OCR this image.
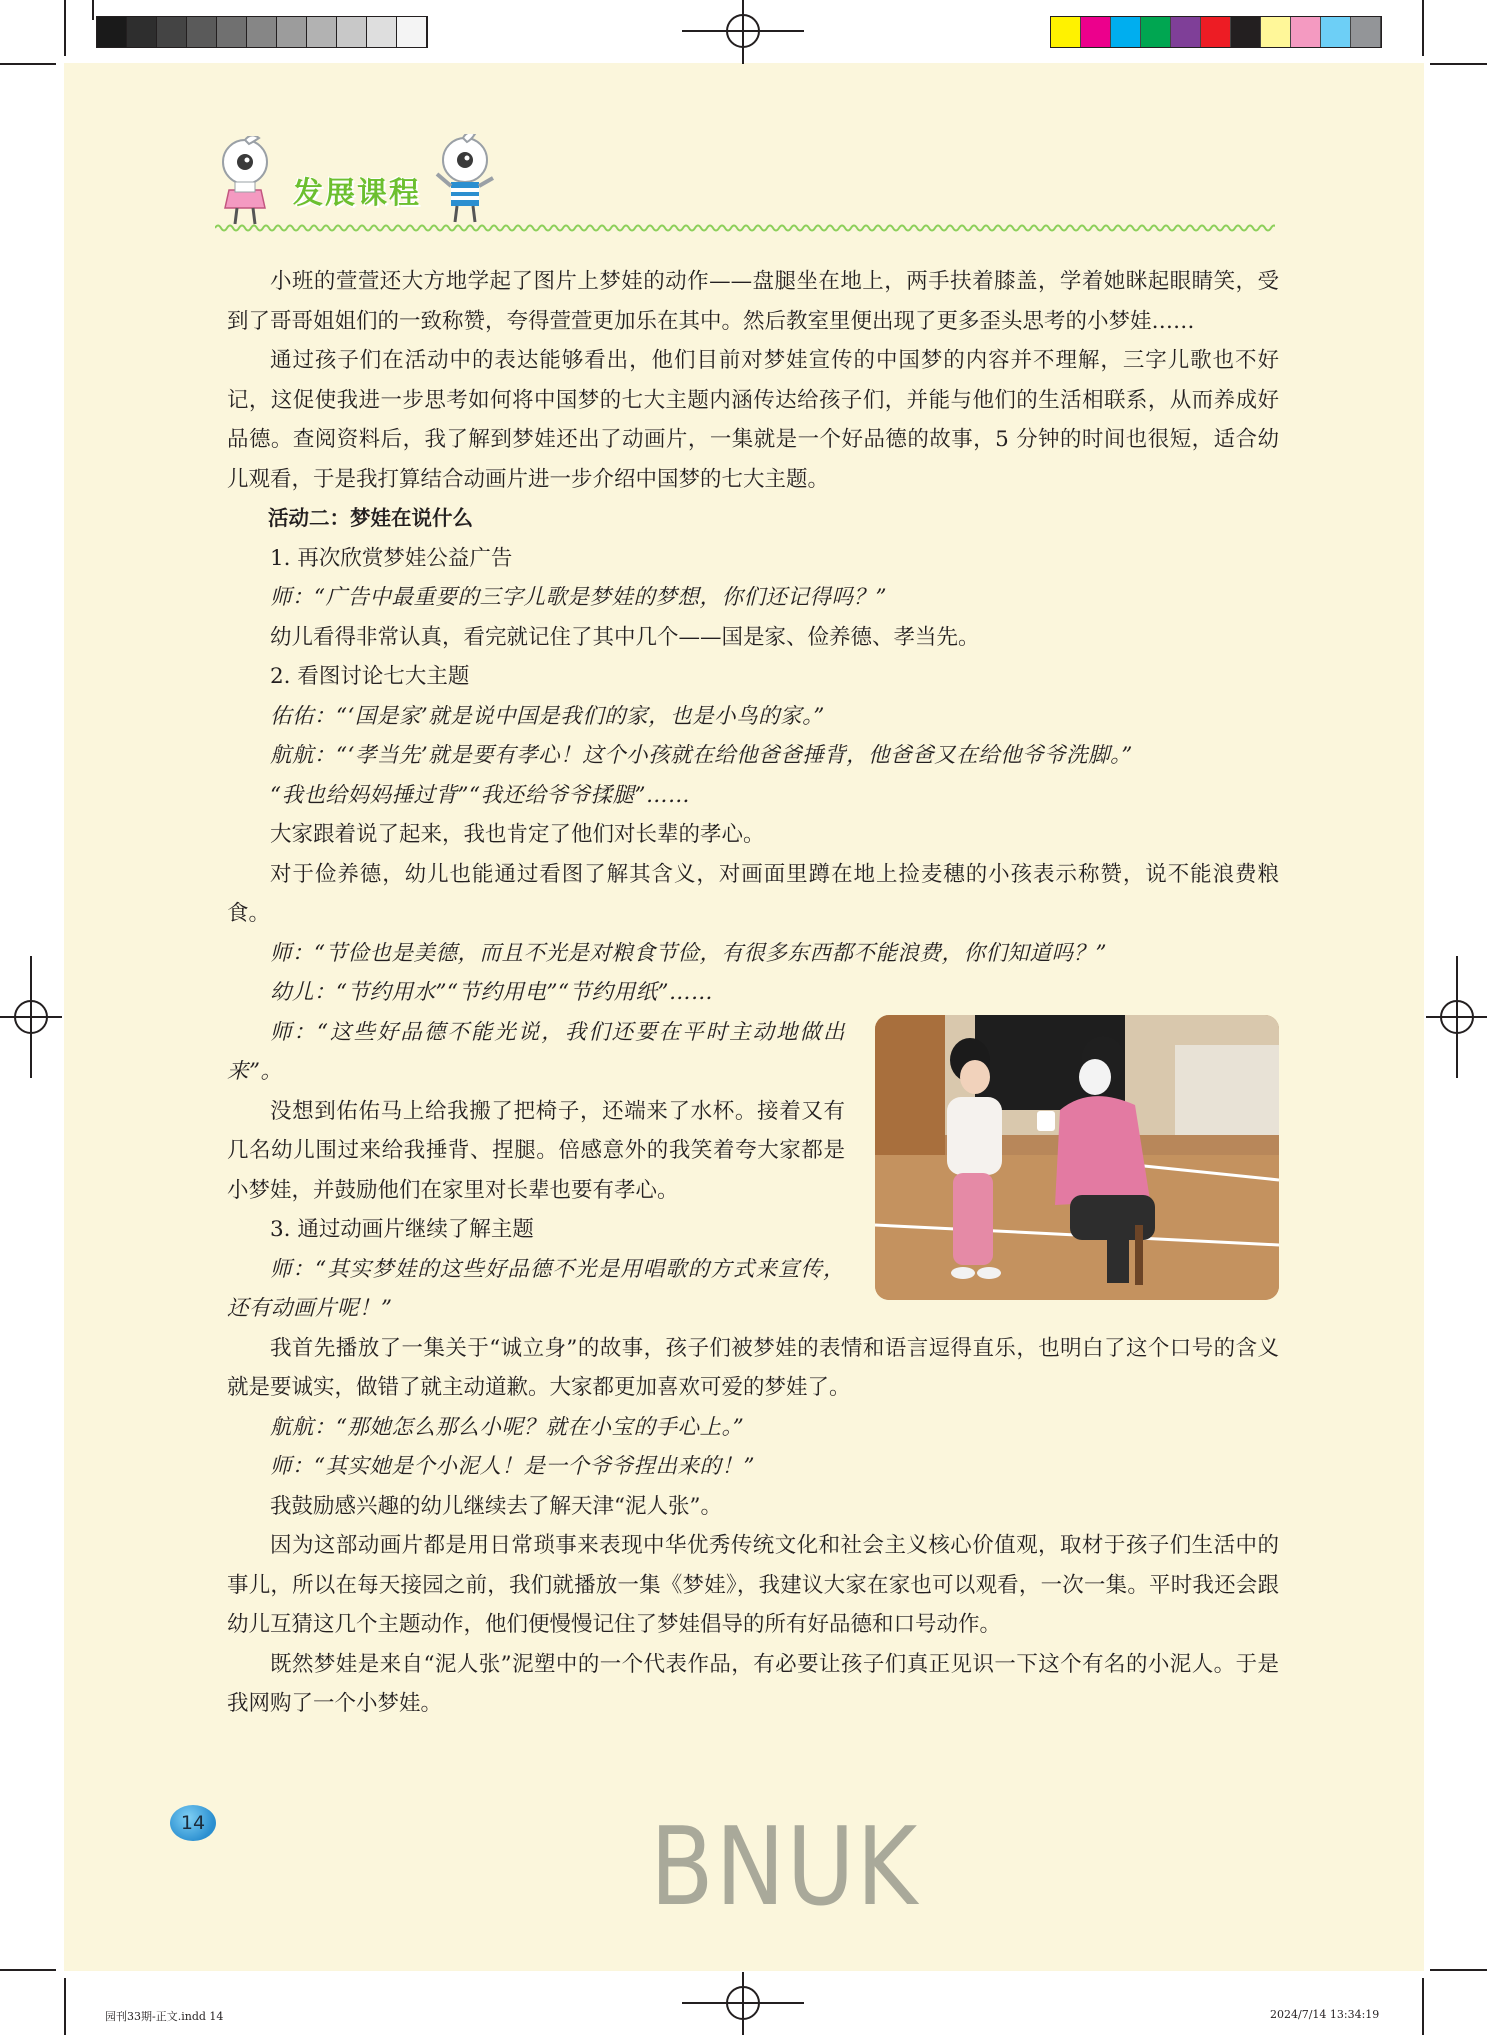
发展课程

小班的萱萱还大方地学起了图片上梦娃的动作——盘腿坐在地上，两手扶着膝盖，学着她眯起眼睛笑，受到了哥哥姐姐们的一致称赞，夸得萱萱更加乐在其中。然后教室里便出现了更多歪头思考的小梦娃……

通过孩子们在活动中的表达能够看出，他们目前对梦娃宣传的中国梦的内容并不理解，三字儿歌也不好记，这促使我进一步思考如何将中国梦的七大主题内涵传达给孩子们，并能与他们的生活相联系，从而养成好品德。查阅资料后，我了解到梦娃还出了动画片，一集就是一个好品德的故事，5 分钟的时间也很短，适合幼儿观看，于是我打算结合动画片进一步介绍中国梦的七大主题。

活动二：梦娃在说什么

1. 再次欣赏梦娃公益广告

师：“广告中最重要的三字儿歌是梦娃的梦想，你们还记得吗？”

幼儿看得非常认真，看完就记住了其中几个——国是家、俭养德、孝当先。

2. 看图讨论七大主题

佑佑：“‘国是家’就是说中国是我们的家，也是小鸟的家。”

航航：“‘孝当先’就是要有孝心！这个小孩就在给他爸爸捶背，他爸爸又在给他爷爷洗脚。”

“我也给妈妈捶过背”“我还给爷爷揉腿”……

大家跟着说了起来，我也肯定了他们对长辈的孝心。

对于俭养德，幼儿也能通过看图了解其含义，对画面里蹲在地上捡麦穗的小孩表示称赞，说不能浪费粮食。

师：“节俭也是美德，而且不光是对粮食节俭，有很多东西都不能浪费，你们知道吗？”

幼儿：“节约用水”“节约用电”“节约用纸”……

师：“这些好品德不能光说，我们还要在平时主动地做出来”。

没想到佑佑马上给我搬了把椅子，还端来了水杯。接着又有几名幼儿围过来给我捶背、捏腿。倍感意外的我笑着夸大家都是小梦娃，并鼓励他们在家里对长辈也要有孝心。

3. 通过动画片继续了解主题

师：“其实梦娃的这些好品德不光是用唱歌的方式来宣传，还有动画片呢！”

我首先播放了一集关于“诚立身”的故事，孩子们被梦娃的表情和语言逗得直乐，也明白了这个口号的含义就是要诚实，做错了就主动道歉。大家都更加喜欢可爱的梦娃了。

航航：“那她怎么那么小呢？就在小宝的手心上。”

师：“其实她是个小泥人！是一个爷爷捏出来的！”

我鼓励感兴趣的幼儿继续去了解天津“泥人张”。

因为这部动画片都是用日常琐事来表现中华优秀传统文化和社会主义核心价值观，取材于孩子们生活中的事儿，所以在每天接园之前，我们就播放一集《梦娃》，我建议大家在家也可以观看，一次一集。平时我还会跟幼儿互猜这几个主题动作，他们便慢慢记住了梦娃倡导的所有好品德和口号动作。

既然梦娃是来自“泥人张”泥塑中的一个代表作品，有必要让孩子们真正见识一下这个有名的小泥人。于是我网购了一个小梦娃。

14	BNUK
园刊33期-正文.indd 14	2024/7/14 13:34:19
